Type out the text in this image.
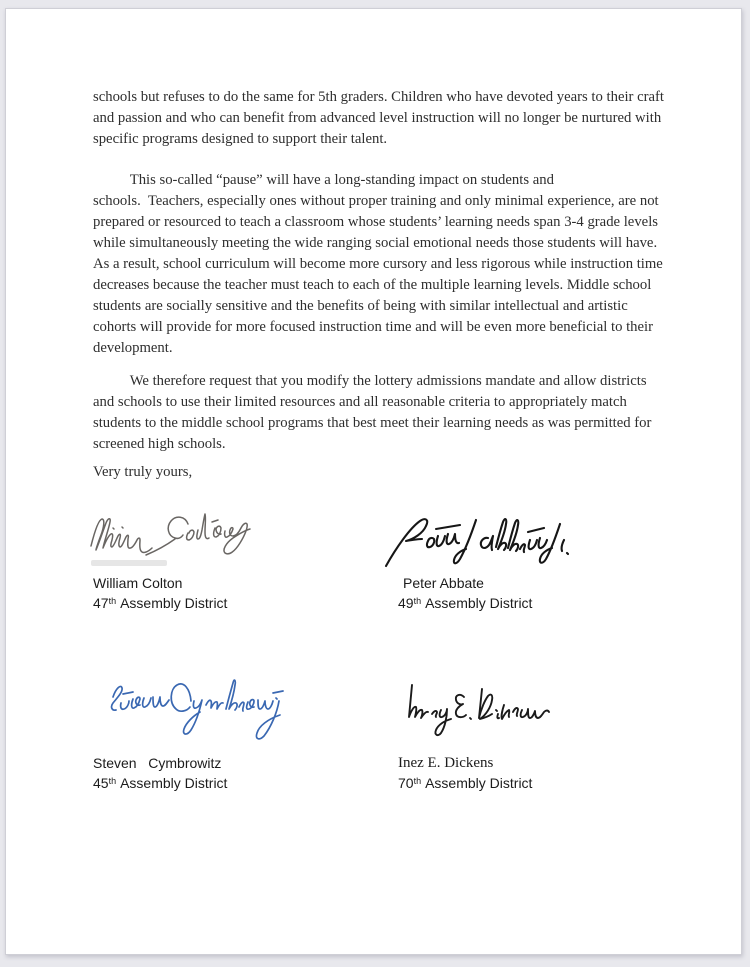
schools but refuses to do the same for 5th graders. Children who have devoted years to their craft
and passion and who can benefit from advanced level instruction will no longer be nurtured with
specific programs designed to support their talent.
	This so-called “pause” will have a long-standing impact on students and
schools.  Teachers, especially ones without proper training and only minimal experience, are not
prepared or resourced to teach a classroom whose students’ learning needs span 3-4 grade levels
while simultaneously meeting the wide ranging social emotional needs those students will have.
As a result, school curriculum will become more cursory and less rigorous while instruction time
decreases because the teacher must teach to each of the multiple learning levels. Middle school
students are socially sensitive and the benefits of being with similar intellectual and artistic
cohorts will provide for more focused instruction time and will be even more beneficial to their
development.
	We therefore request that you modify the lottery admissions mandate and allow districts
and schools to use their limited resources and all reasonable criteria to appropriately match
students to the middle school programs that best meet their learning needs as was permitted for
screened high schools.
Very truly yours,
William Colton
47th Assembly District
Peter Abbate
49th Assembly District
Steven   Cymbrowitz
45th Assembly District
Inez E. Dickens
70th Assembly District
